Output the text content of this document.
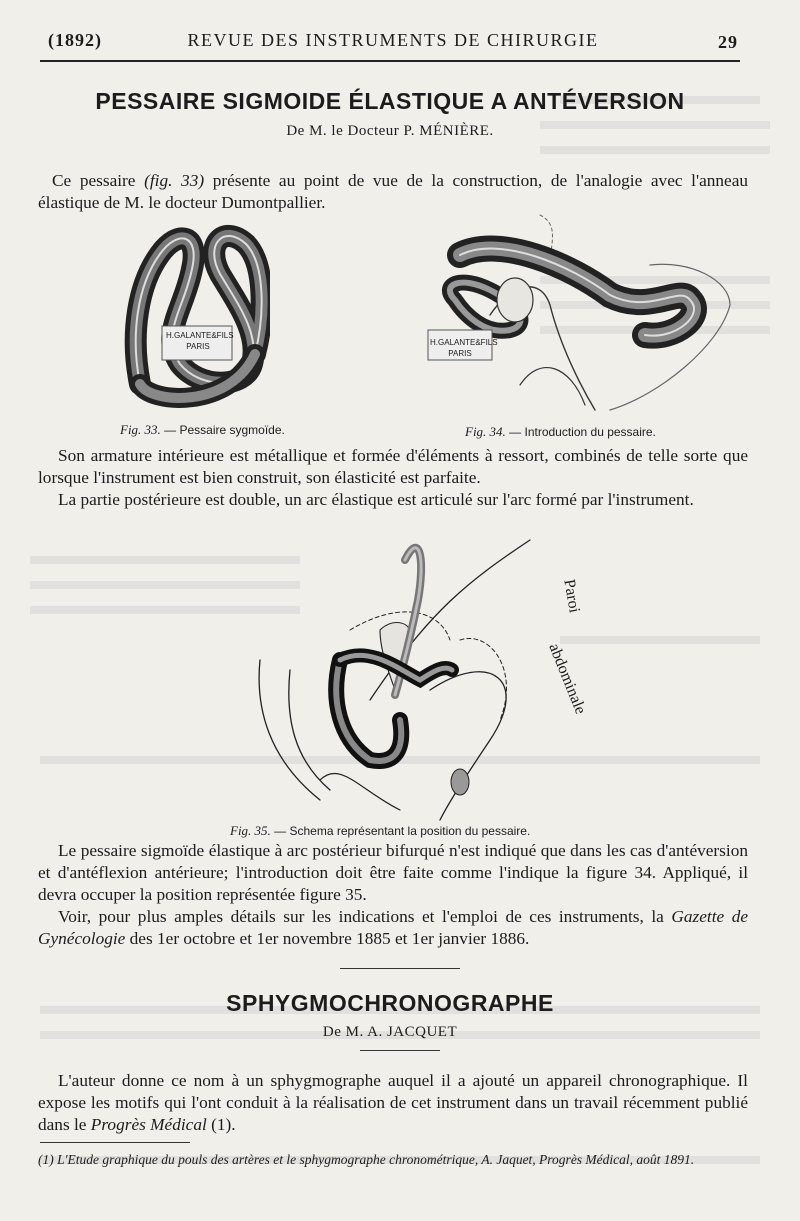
(1892)	REVUE DES INSTRUMENTS DE CHIRURGIE	29
PESSAIRE SIGMOIDE ÉLASTIQUE A ANTÉVERSION
De M. le Docteur P. MÉNIÈRE.

Ce pessaire (fig. 33) présente au point de vue de la construction, de l'analogie avec l'anneau élastique de M. le docteur Dumontpallier.

H.GALANTE&FILS PARIS	H.GALANTE&FILS PARIS
Fig. 33. — Pessaire sygmoïde.	Fig. 34. — Introduction du pessaire.

Son armature intérieure est métallique et formée d'éléments à ressort, combinés de telle sorte que lorsque l'instrument est bien construit, son élasticité est parfaite.

La partie postérieure est double, un arc élastique est articulé sur l'arc formé par l'instrument.

Paroi
abdominale
Fig. 35. — Schema représentant la position du pessaire.

Le pessaire sigmoïde élastique à arc postérieur bifurqué n'est indiqué que dans les cas d'antéversion et d'antéflexion antérieure; l'introduction doit être faite comme l'indique la figure 34. Appliqué, il devra occuper la position représentée figure 35.

Voir, pour plus amples détails sur les indications et l'emploi de ces instruments, la Gazette de Gynécologie des 1er octobre et 1er novembre 1885 et 1er janvier 1886.

SPHYGMOCHRONOGRAPHE
De M. A. JACQUET

L'auteur donne ce nom à un sphygmographe auquel il a ajouté un appareil chronographique. Il expose les motifs qui l'ont conduit à la réalisation de cet instrument dans un travail récemment publié dans le Progrès Médical (1).

(1) L'Etude graphique du pouls des artères et le sphygmographe chronométrique, A. Jaquet, Progrès Médical, août 1891.
